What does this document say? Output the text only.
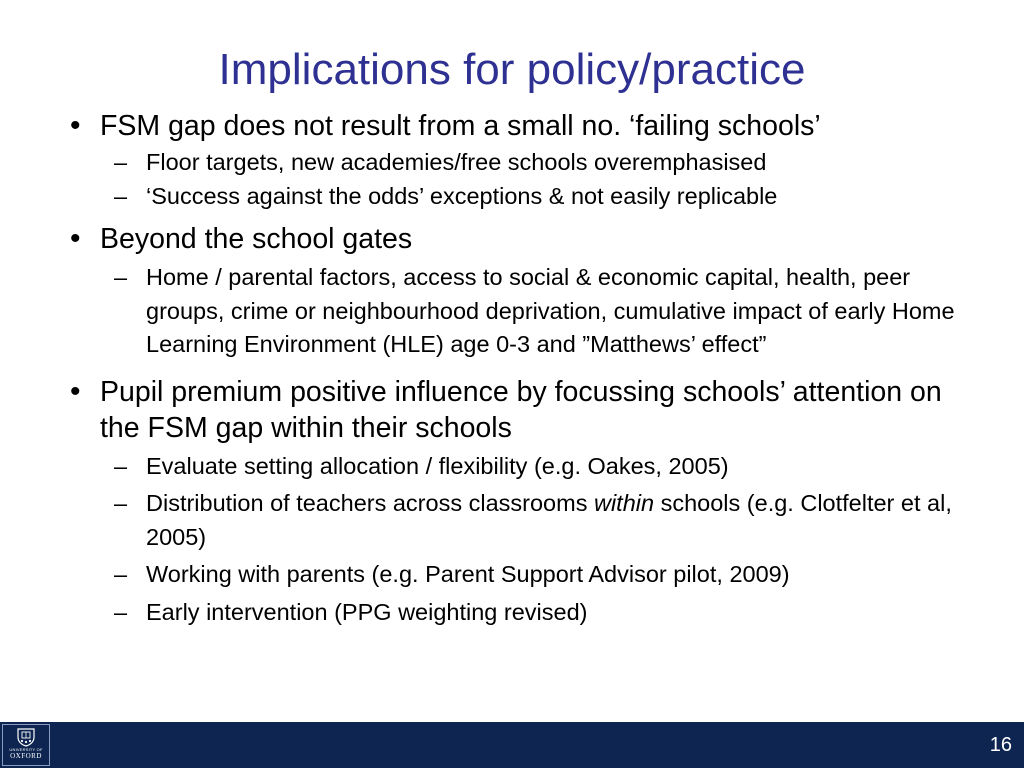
Implications for policy/practice

• FSM gap does not result from a small no. ‘failing schools’

– Floor targets, new academies/free schools overemphasised

– ‘Success against the odds’ exceptions & not easily replicable

• Beyond the school gates

– Home / parental factors, access to social & economic capital, health, peer groups, crime or neighbourhood deprivation, cumulative impact of early Home Learning Environment (HLE) age 0-3 and ”Matthews’ effect”

• Pupil premium positive influence by focussing schools’ attention on the FSM gap within their schools

– Evaluate setting allocation / flexibility (e.g. Oakes, 2005)

– Distribution of teachers across classrooms within schools (e.g. Clotfelter et al, 2005)

– Working with parents (e.g. Parent Support Advisor pilot, 2009)

– Early intervention (PPG weighting revised)

UNIVERSITY OF
OXFORD	16
